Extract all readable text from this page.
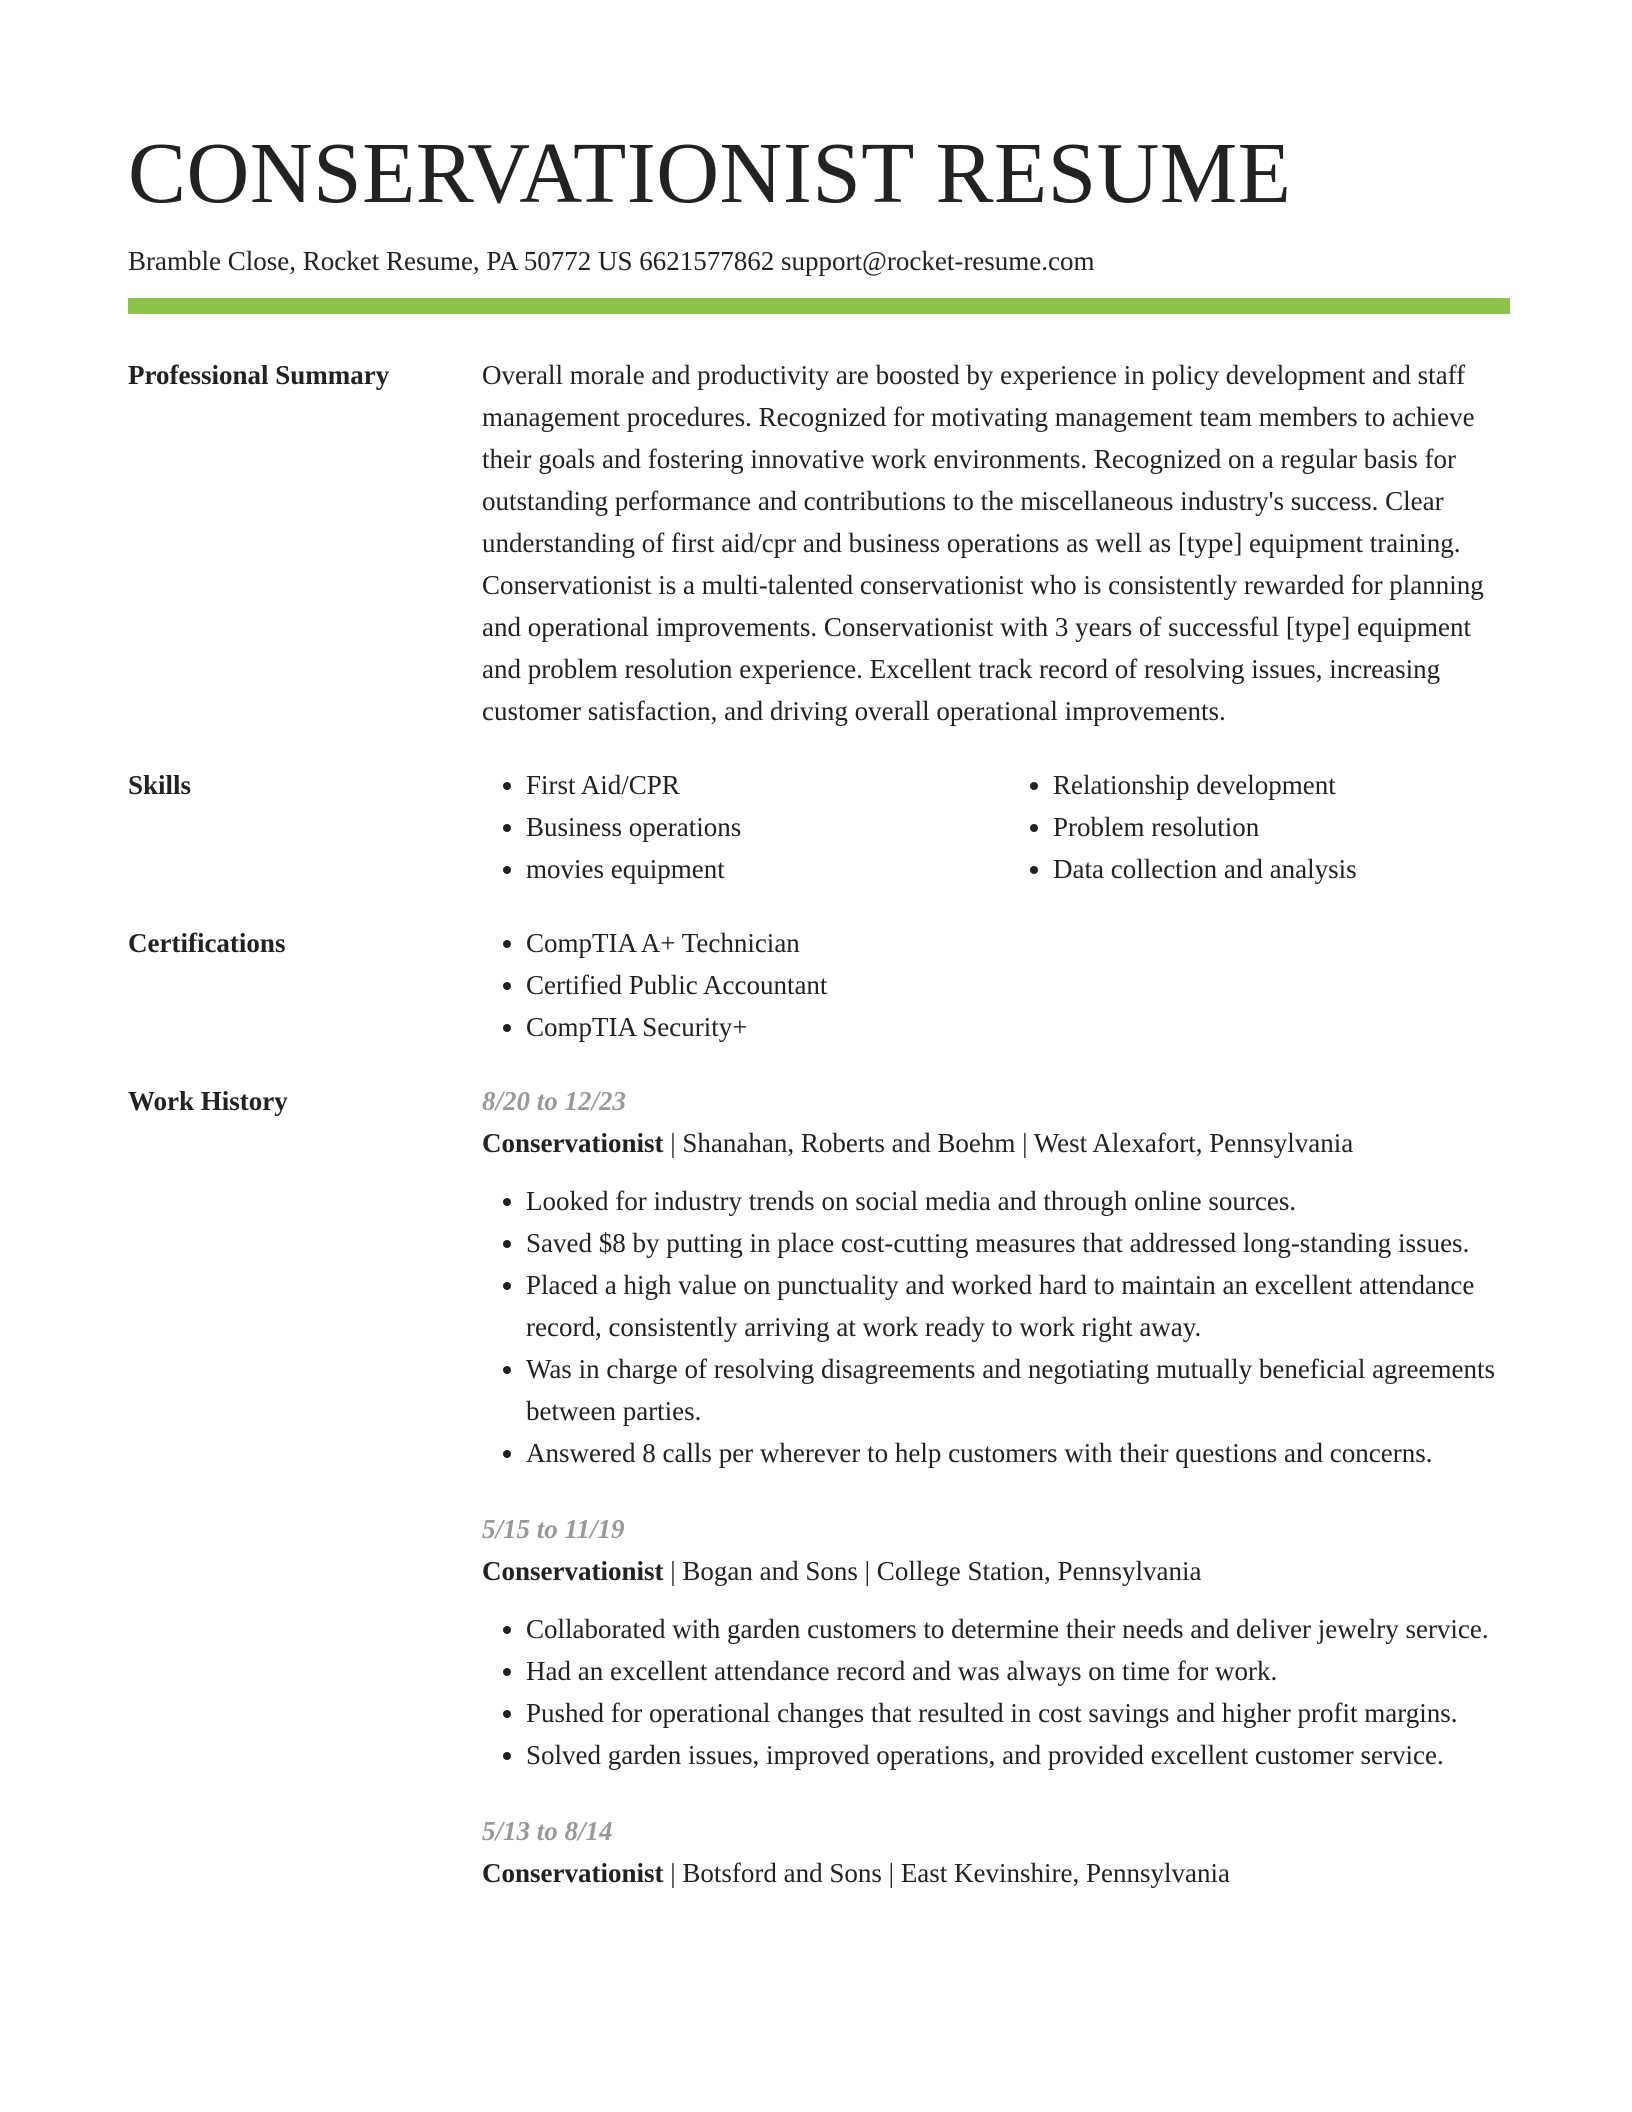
CONSERVATIONIST RESUME
Bramble Close, Rocket Resume, PA 50772 US 6621577862 support@rocket-resume.com
Professional Summary	Overall morale and productivity are boosted by experience in policy development and staff management procedures. Recognized for motivating management team members to achieve their goals and fostering innovative work environments. Recognized on a regular basis for outstanding performance and contributions to the miscellaneous industry's success. Clear understanding of first aid/cpr and business operations as well as [type] equipment training. Conservationist is a multi-talented conservationist who is consistently rewarded for planning and operational improvements. Conservationist with 3 years of successful [type] equipment and problem resolution experience. Excellent track record of resolving issues, increasing customer satisfaction, and driving overall operational improvements.

Skills	• First Aid/CPR
• Business operations
• movies equipment
• Relationship development
• Problem resolution
• Data collection and analysis
Certifications	• CompTIA A+ Technician
• Certified Public Accountant
• CompTIA Security+
Work History	8/20 to 12/23
Conservationist | Shanahan, Roberts and Boehm | West Alexafort, Pennsylvania
• Looked for industry trends on social media and through online sources.
• Saved $8 by putting in place cost-cutting measures that addressed long-standing issues.
• Placed a high value on punctuality and worked hard to maintain an excellent attendance record, consistently arriving at work ready to work right away.
• Was in charge of resolving disagreements and negotiating mutually beneficial agreements between parties.
• Answered 8 calls per wherever to help customers with their questions and concerns.
5/15 to 11/19
Conservationist | Bogan and Sons | College Station, Pennsylvania
• Collaborated with garden customers to determine their needs and deliver jewelry service.
• Had an excellent attendance record and was always on time for work.
• Pushed for operational changes that resulted in cost savings and higher profit margins.
• Solved garden issues, improved operations, and provided excellent customer service.
5/13 to 8/14
Conservationist | Botsford and Sons | East Kevinshire, Pennsylvania
